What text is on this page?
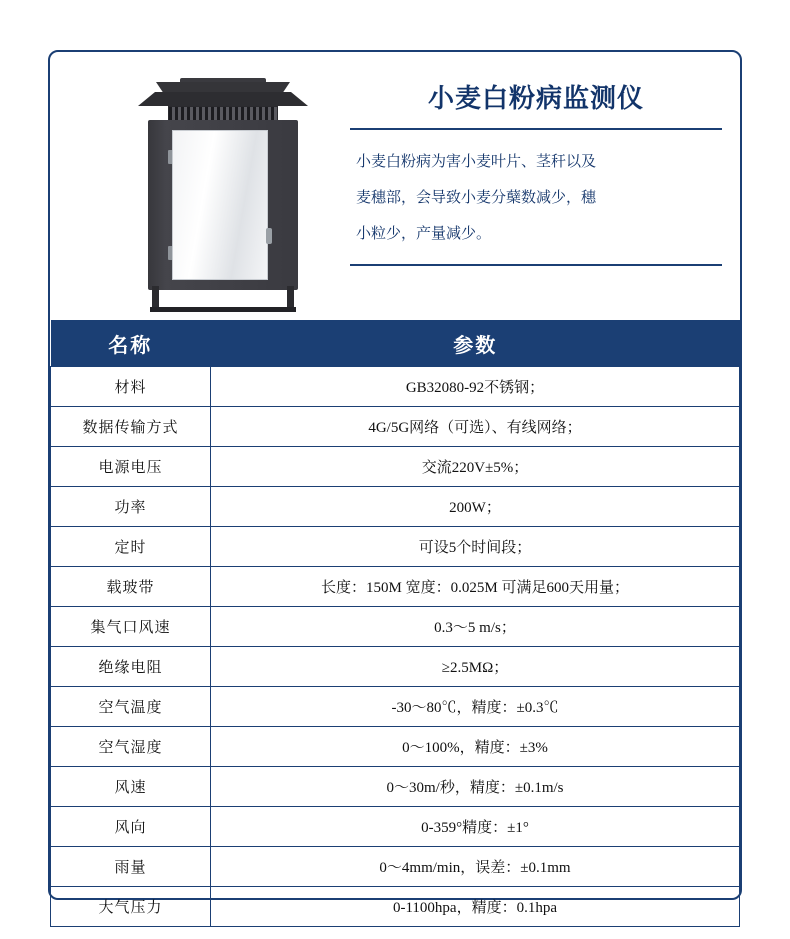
小麦白粉病监测仪
小麦白粉病为害小麦叶片、茎秆以及
麦穗部，会导致小麦分蘖数减少，穗
小粒少，产量减少。
名称	参数
材料	GB32080-92不锈钢；
数据传输方式	4G/5G网络（可选）、有线网络；
电源电压	交流220V±5%；
功率	200W；
定时	可设5个时间段；
载玻带	长度：150M 宽度：0.025M 可满足600天用量；
集气口风速	0.3～5 m/s；
绝缘电阻	≥2.5MΩ；
空气温度	-30～80℃，精度：±0.3℃
空气湿度	0～100%，精度：±3%
风速	0～30m/秒，精度：±0.1m/s
风向	0-359°精度：±1°
雨量	0～4mm/min，误差：±0.1mm
大气压力	0-1100hpa，精度：0.1hpa
